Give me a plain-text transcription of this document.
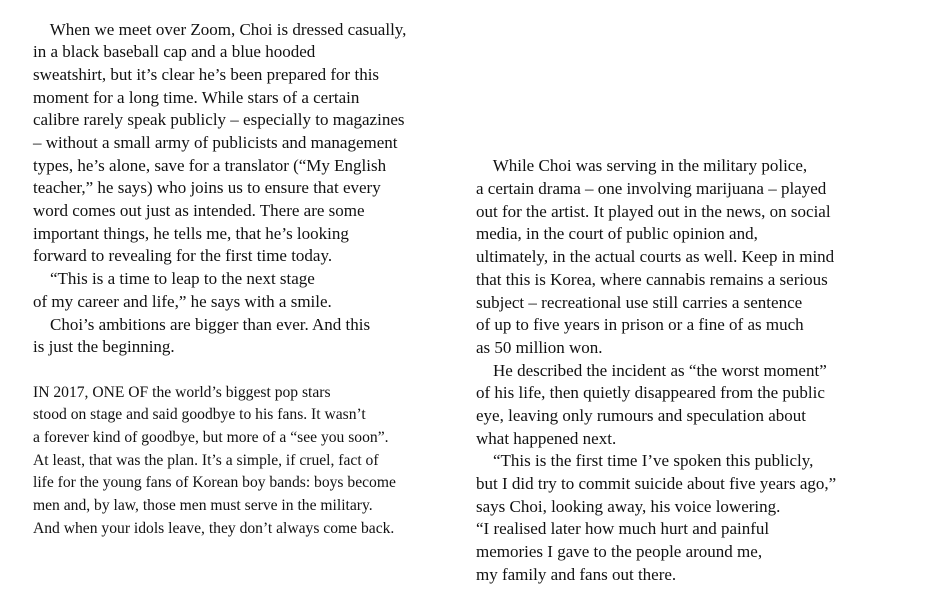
When we meet over Zoom, Choi is dressed casually,
in a black baseball cap and a blue hooded
sweatshirt, but it’s clear he’s been prepared for this
moment for a long time. While stars of a certain
calibre rarely speak publicly – especially to magazines
– without a small army of publicists and management
types, he’s alone, save for a translator (“My English
teacher,” he says) who joins us to ensure that every
word comes out just as intended. There are some
important things, he tells me, that he’s looking
forward to revealing for the first time today.
“This is a time to leap to the next stage
of my career and life,” he says with a smile.
Choi’s ambitions are bigger than ever. And this
is just the beginning.

IN 2017, ONE OF the world’s biggest pop stars
stood on stage and said goodbye to his fans. It wasn’t
a forever kind of goodbye, but more of a “see you soon”.
At least, that was the plan. It’s a simple, if cruel, fact of
life for the young fans of Korean boy bands: boys become
men and, by law, those men must serve in the military.
And when your idols leave, they don’t always come back.
While Choi was serving in the military police,
a certain drama – one involving marijuana – played
out for the artist. It played out in the news, on social
media, in the court of public opinion and,
ultimately, in the actual courts as well. Keep in mind
that this is Korea, where cannabis remains a serious
subject – recreational use still carries a sentence
of up to five years in prison or a fine of as much
as 50 million won.
He described the incident as “the worst moment”
of his life, then quietly disappeared from the public
eye, leaving only rumours and speculation about
what happened next.
“This is the first time I’ve spoken this publicly,
but I did try to commit suicide about five years ago,”
says Choi, looking away, his voice lowering.
“I realised later how much hurt and painful
memories I gave to the people around me,
my family and fans out there.
